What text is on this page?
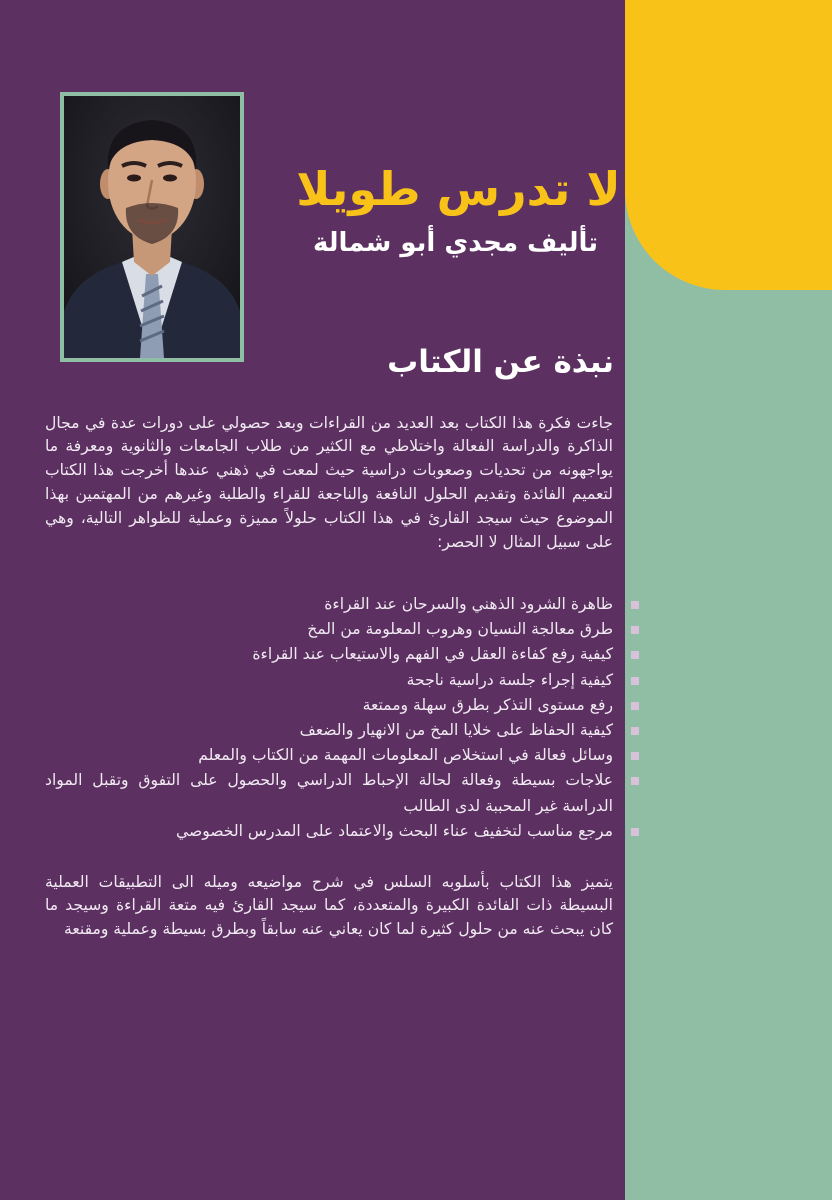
كي لا تدرس طويلا
تأليف مجدي أبو شمالة
نبذة عن الكتاب

جاءت فكرة هذا الكتاب بعد العديد من القراءات وبعد حصولي على دورات عدة في مجال الذاكرة والدراسة الفعالة واختلاطي مع الكثير من طلاب الجامعات والثانوية ومعرفة ما يواجهونه من تحديات وصعوبات دراسية حيث لمعت في ذهني عندها أخرجت هذا الكتاب لتعميم الفائدة وتقديم الحلول النافعة والناجعة للقراء والطلبة وغيرهم من المهتمين بهذا الموضوع حيث سيجد القارئ في هذا الكتاب حلولاً مميزة وعملية للظواهر التالية، وهي على سبيل المثال لا الحصر:

ظاهرة الشرود الذهني والسرحان عند القراءة
طرق معالجة النسيان وهروب المعلومة من المخ
كيفية رفع كفاءة العقل في الفهم والاستيعاب عند القراءة
كيفية إجراء جلسة دراسية ناجحة
رفع مستوى التذكر بطرق سهلة وممتعة
كيفية الحفاظ على خلايا المخ من الانهيار والضعف
وسائل فعالة في استخلاص المعلومات المهمة من الكتاب والمعلم
علاجات بسيطة وفعالة لحالة الإحباط الدراسي والحصول على التفوق وتقبل المواد الدراسة غير المحببة لدى الطالب
مرجع مناسب لتخفيف عناء البحث والاعتماد على المدرس الخصوصي

يتميز هذا الكتاب بأسلوبه السلس في شرح مواضيعه وميله الى التطبيقات العملية البسيطة ذات الفائدة الكبيرة والمتعددة، كما سيجد القارئ فيه متعة القراءة وسيجد ما كان يبحث عنه من حلول كثيرة لما كان يعاني عنه سابقاً وبطرق بسيطة وعملية ومقنعة
